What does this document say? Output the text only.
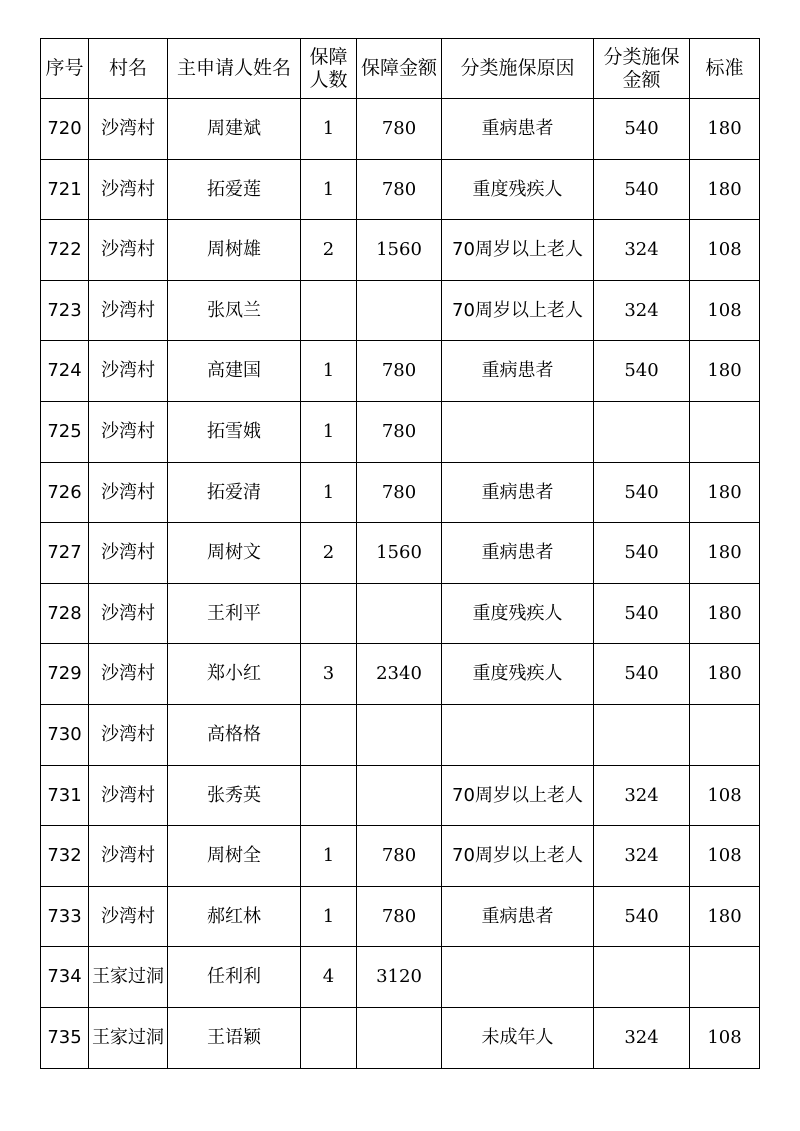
序号	村名	主申请人姓名	保障人数	保障金额	分类施保原因	分类施保金额	标准
720	沙湾村	周建斌	1	780	重病患者	540	180
721	沙湾村	拓爱莲	1	780	重度残疾人	540	180
722	沙湾村	周树雄	2	1560	70周岁以上老人	324	108
723	沙湾村	张凤兰			70周岁以上老人	324	108
724	沙湾村	高建国	1	780	重病患者	540	180
725	沙湾村	拓雪娥	1	780			
726	沙湾村	拓爱清	1	780	重病患者	540	180
727	沙湾村	周树文	2	1560	重病患者	540	180
728	沙湾村	王利平			重度残疾人	540	180
729	沙湾村	郑小红	3	2340	重度残疾人	540	180
730	沙湾村	高格格					
731	沙湾村	张秀英			70周岁以上老人	324	108
732	沙湾村	周树全	1	780	70周岁以上老人	324	108
733	沙湾村	郝红林	1	780	重病患者	540	180
734	王家过洞	任利利	4	3120			
735	王家过洞	王语颖			未成年人	324	108
